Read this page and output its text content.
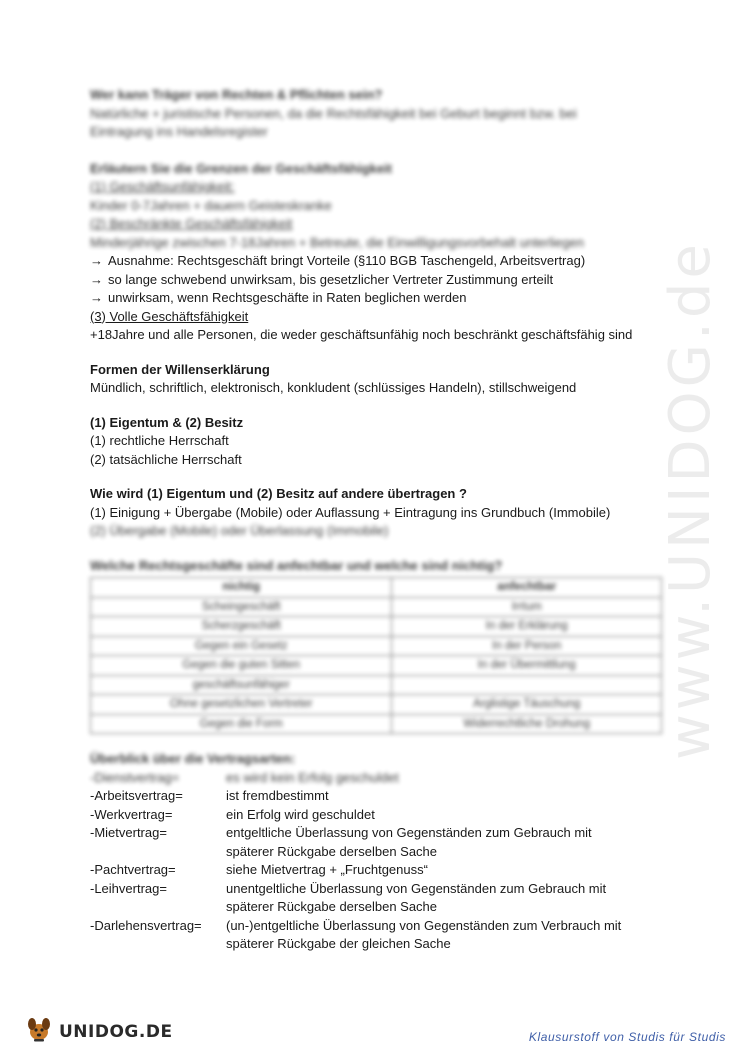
www.UNIDOG.de

Wer kann Träger von Rechten & Pflichten sein?

Natürliche + juristische Personen, da die Rechtsfähigkeit bei Geburt beginnt bzw. bei

Eintragung ins Handelsregister

Erläutern Sie die Grenzen der Geschäftsfähigkeit

(1) Geschäftsunfähigkeit:

Kinder 0-7Jahren + dauern Geisteskranke

(2) Beschränkte Geschäftsfähigkeit

Minderjährige zwischen 7-18Jahren + Betreute, die Einwilligungsvorbehalt unterliegen

→ Ausnahme: Rechtsgeschäft bringt Vorteile (§110 BGB Taschengeld, Arbeitsvertrag)

→ so lange schwebend unwirksam, bis gesetzlicher Vertreter Zustimmung erteilt

→ unwirksam, wenn Rechtsgeschäfte in Raten beglichen werden

(3) Volle Geschäftsfähigkeit

+18Jahre und alle Personen, die weder geschäftsunfähig noch beschränkt geschäftsfähig sind

Formen der Willenserklärung

Mündlich, schriftlich, elektronisch, konkludent (schlüssiges Handeln), stillschweigend

(1) Eigentum & (2) Besitz

(1) rechtliche Herrschaft

(2) tatsächliche Herrschaft

Wie wird (1) Eigentum und (2) Besitz auf andere übertragen ?

(1) Einigung + Übergabe (Mobile) oder Auflassung + Eintragung ins Grundbuch (Immobile)

(2) Übergabe (Mobile) oder Überlassung (Immobile)

Welche Rechtsgeschäfte sind anfechtbar und welche sind nichtig?

nichtig	anfechtbar
Scheingeschäft	Irrtum
Scherzgeschäft	In der Erklärung
Gegen ein Gesetz	In der Person
Gegen die guten Sitten	In der Übermittlung
geschäftsunfähiger	
Ohne gesetzlichen Vertreter	Arglistige Täuschung
Gegen die Form	Widerrechtliche Drohung

Überblick über die Vertragsarten:

-Dienstvertrag=	es wird kein Erfolg geschuldet
-Arbeitsvertrag=	ist fremdbestimmt
-Werkvertrag=	ein Erfolg wird geschuldet
-Mietvertrag=	entgeltliche Überlassung von Gegenständen zum Gebrauch mit
späterer Rückgabe derselben Sache
-Pachtvertrag=	siehe Mietvertrag + „Fruchtgenuss“
-Leihvertrag=	unentgeltliche Überlassung von Gegenständen zum Gebrauch mit
späterer Rückgabe derselben Sache
-Darlehensvertrag=	(un-)entgeltliche Überlassung von Gegenständen zum Verbrauch mit
späterer Rückgabe der gleichen Sache
UNIDOG.DE	Klausurstoff von Studis für Studis
